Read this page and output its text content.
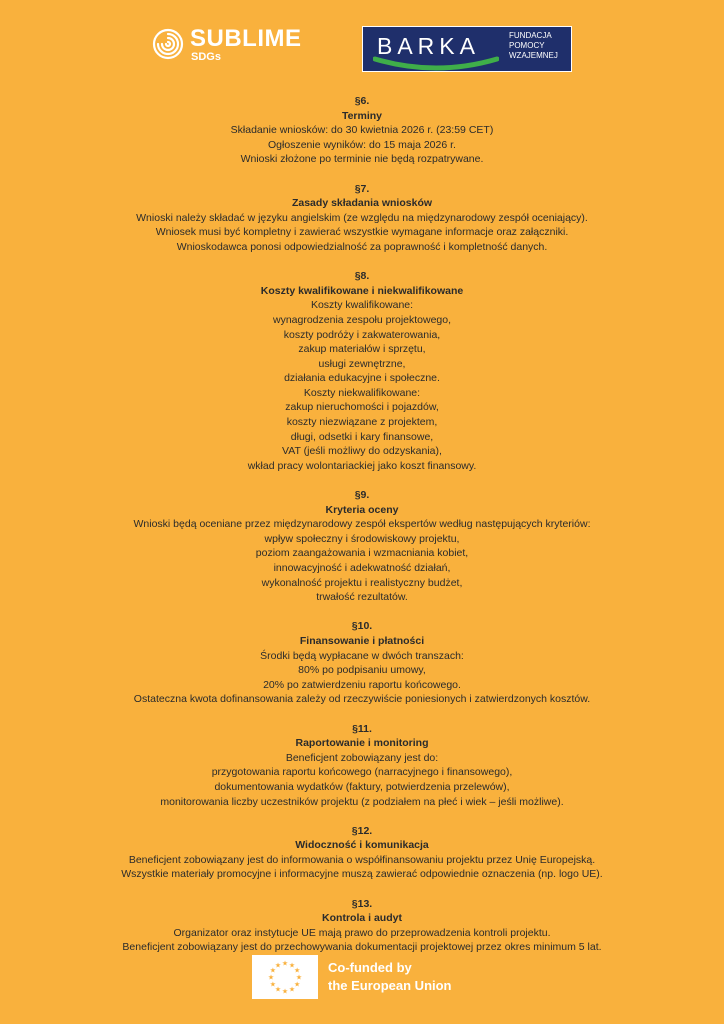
SUBLIME
SDGs	BARKA	FUNDACJA
POMOCY
WZAJEMNEJ
§6.
Terminy
Składanie wniosków: do 30 kwietnia 2026 r. (23:59 CET)
Ogłoszenie wyników: do 15 maja 2026 r.
Wnioski złożone po terminie nie będą rozpatrywane.
§7.
Zasady składania wniosków
Wnioski należy składać w języku angielskim (ze względu na międzynarodowy zespół oceniający).
Wniosek musi być kompletny i zawierać wszystkie wymagane informacje oraz załączniki.
Wnioskodawca ponosi odpowiedzialność za poprawność i kompletność danych.
§8.
Koszty kwalifikowane i niekwalifikowane
Koszty kwalifikowane:
wynagrodzenia zespołu projektowego,
koszty podróży i zakwaterowania,
zakup materiałów i sprzętu,
usługi zewnętrzne,
działania edukacyjne i społeczne.
Koszty niekwalifikowane:
zakup nieruchomości i pojazdów,
koszty niezwiązane z projektem,
długi, odsetki i kary finansowe,
VAT (jeśli możliwy do odzyskania),
wkład pracy wolontariackiej jako koszt finansowy.
§9.
Kryteria oceny
Wnioski będą oceniane przez międzynarodowy zespół ekspertów według następujących kryteriów:
wpływ społeczny i środowiskowy projektu,
poziom zaangażowania i wzmacniania kobiet,
innowacyjność i adekwatność działań,
wykonalność projektu i realistyczny budżet,
trwałość rezultatów.
§10.
Finansowanie i płatności
Środki będą wypłacane w dwóch transzach:
80% po podpisaniu umowy,
20% po zatwierdzeniu raportu końcowego.
Ostateczna kwota dofinansowania zależy od rzeczywiście poniesionych i zatwierdzonych kosztów.
§11.
Raportowanie i monitoring
Beneficjent zobowiązany jest do:
przygotowania raportu końcowego (narracyjnego i finansowego),
dokumentowania wydatków (faktury, potwierdzenia przelewów),
monitorowania liczby uczestników projektu (z podziałem na płeć i wiek – jeśli możliwe).
§12.
Widoczność i komunikacja
Beneficjent zobowiązany jest do informowania o współfinansowaniu projektu przez Unię Europejską.
Wszystkie materiały promocyjne i informacyjne muszą zawierać odpowiednie oznaczenia (np. logo UE).
§13.
Kontrola i audyt
Organizator oraz instytucje UE mają prawo do przeprowadzenia kontroli projektu.
Beneficjent zobowiązany jest do przechowywania dokumentacji projektowej przez okres minimum 5 lat.
★ ★
★
★
★
★
★
★
★
★
★
★	Co-funded by
the European Union
